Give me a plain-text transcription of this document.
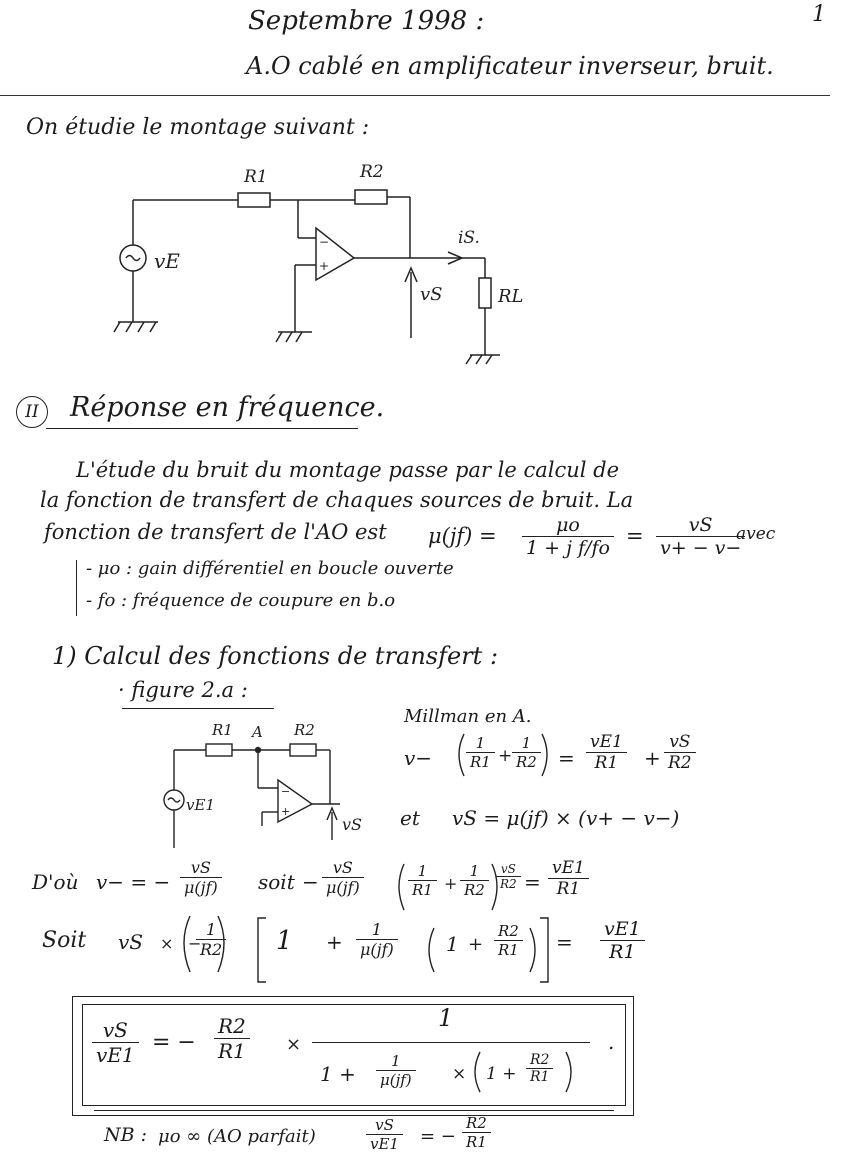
Septembre 1998 :
A.O cablé en amplificateur inverseur, bruit.
1
On étudie le montage suivant :
vE
R1	R2
−
+
iS.
vS	RL
II	Réponse en fréquence.
L'étude du bruit du montage passe par le calcul de
la fonction de transfert de chaques sources de bruit. La
fonction de transfert de l'AO est $\mu(jf) = \frac{\mu o}{\text{1 + j f/fo}} = \frac{vS}{v+ - v-}$
avec
- μo : gain différentiel en boucle ouverte
- fo : fréquence de coupure en b.o
1) Calcul des fonctions de transfert :
· figure 2.a :
R1 A R2
vE1
−
+
vS
Millman en A.
$v- \frac{1}{R1} + \frac{1}{R2} = \frac{vE1}{R1} + \frac{vS}{R2}$
et vS = μ(jf) × (v+ − v−)
D'où v− = − $\frac{vS}{\mu(jf)}$ soit − $\frac{vS}{\mu(jf)}$	$\frac{1}{R1} + \frac{1}{R2} \frac{vS}{R2} = \frac{vE1}{R1}$
Soit vS × −
$\frac{1}{R2} 1 + \frac{1}{\mu(jf)} 1 + \frac{R2}{R1} = \frac{vE1}{R1}$
$\frac{vS}{vE1}$ = − $\frac{R2}{R1}$ ×
1
$1 + \frac{1}{\mu(jf)} \times 1 + \frac{R2}{R1}$
.
NB : μo ∞ (AO parfait)	$\frac{vS}{vE1}$ = − $\frac{R2}{R1}$
